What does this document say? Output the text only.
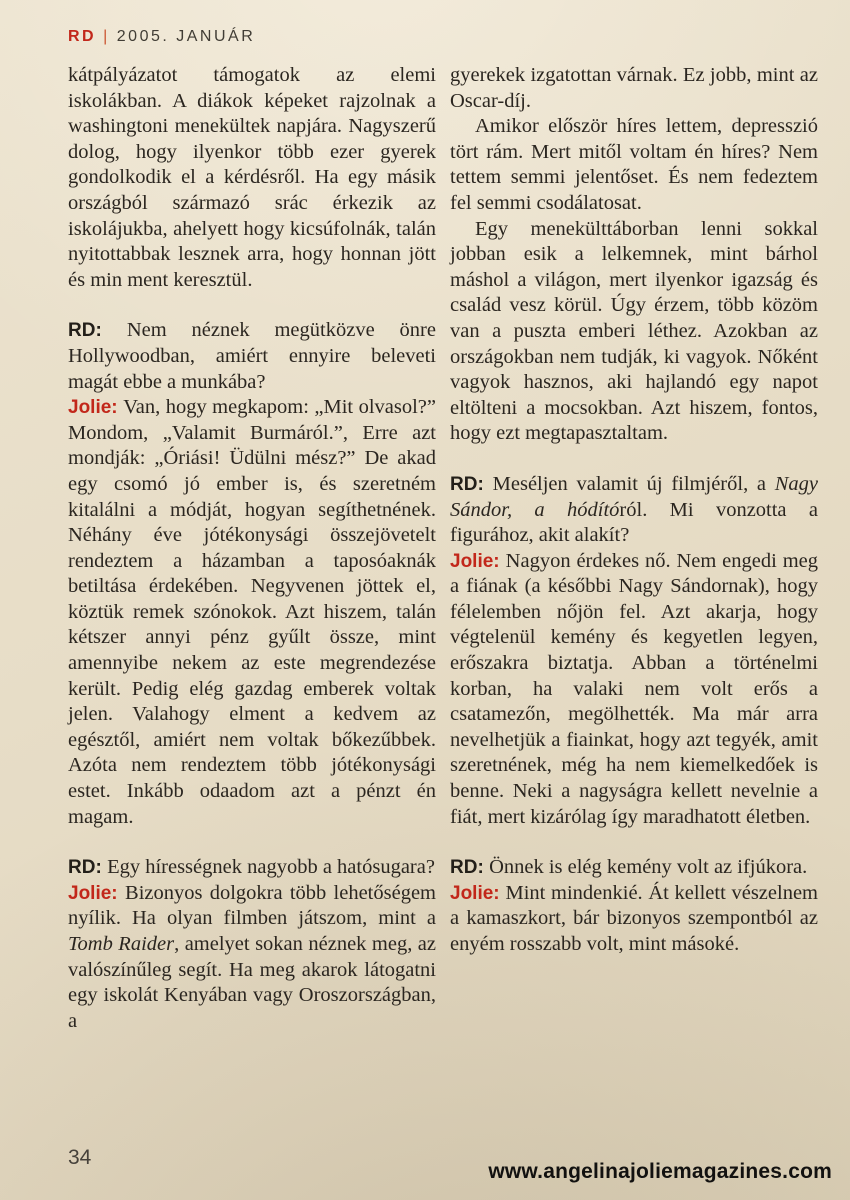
RD | 2005. JANUÁR

kátpályázatot támogatok az elemi iskolákban. A diákok képeket rajzolnak a washingtoni menekültek napjára. Nagyszerű dolog, hogy ilyenkor több ezer gyerek gondolkodik el a kérdésről. Ha egy másik országból származó srác érkezik az iskolájukba, ahelyett hogy kicsúfolnák, talán nyitottabbak lesznek arra, hogy honnan jött és min ment keresztül.

RD: Nem néznek megütközve önre Hollywoodban, amiért ennyire beleveti magát ebbe a munkába?

Jolie: Van, hogy megkapom: „Mit olvasol?” Mondom, „Valamit Burmáról.”, Erre azt mondják: „Óriási! Üdülni mész?” De akad egy csomó jó ember is, és szeretném kitalálni a módját, hogyan segíthetnének. Néhány éve jótékonysági összejövetelt rendeztem a házamban a taposóaknák betiltása érdekében. Negyvenen jöttek el, köztük remek szónokok. Azt hiszem, talán kétszer annyi pénz gyűlt össze, mint amennyibe nekem az este megrendezése került. Pedig elég gazdag emberek voltak jelen. Valahogy elment a kedvem az egésztől, amiért nem voltak bőkezűbbek. Azóta nem rendeztem több jótékonysági estet. Inkább odaadom azt a pénzt én magam.

RD: Egy hírességnek nagyobb a hatósugara?

Jolie: Bizonyos dolgokra több lehetőségem nyílik. Ha olyan filmben játszom, mint a Tomb Raider, amelyet sokan néznek meg, az valószínűleg segít. Ha meg akarok látogatni egy iskolát Kenyában vagy Oroszországban, a

gyerekek izgatottan várnak. Ez jobb, mint az Oscar-díj.

Amikor először híres lettem, depresszió tört rám. Mert mitől voltam én híres? Nem tettem semmi jelentőset. És nem fedeztem fel semmi csodálatosat.

Egy menekülttáborban lenni sokkal jobban esik a lelkemnek, mint bárhol máshol a világon, mert ilyenkor igazság és család vesz körül. Úgy érzem, több közöm van a puszta emberi léthez. Azokban az országokban nem tudják, ki vagyok. Nőként vagyok hasznos, aki hajlandó egy napot eltölteni a mocsokban. Azt hiszem, fontos, hogy ezt megtapasztaltam.

RD: Meséljen valamit új filmjéről, a Nagy Sándor, a hódítóról. Mi vonzotta a figurához, akit alakít?

Jolie: Nagyon érdekes nő. Nem engedi meg a fiának (a későbbi Nagy Sándornak), hogy félelemben nőjön fel. Azt akarja, hogy végtelenül kemény és kegyetlen legyen, erőszakra biztatja. Abban a történelmi korban, ha valaki nem volt erős a csatamezőn, megölhették. Ma már arra nevelhetjük a fiainkat, hogy azt tegyék, amit szeretnének, még ha nem kiemelkedőek is benne. Neki a nagyságra kellett nevelnie a fiát, mert kizárólag így maradhatott életben.

RD: Önnek is elég kemény volt az ifjúkora.

Jolie: Mint mindenkié. Át kellett vészelnem a kamaszkort, bár bizonyos szempontból az enyém rosszabb volt, mint másoké.

34
www.angelinajoliemagazines.com
